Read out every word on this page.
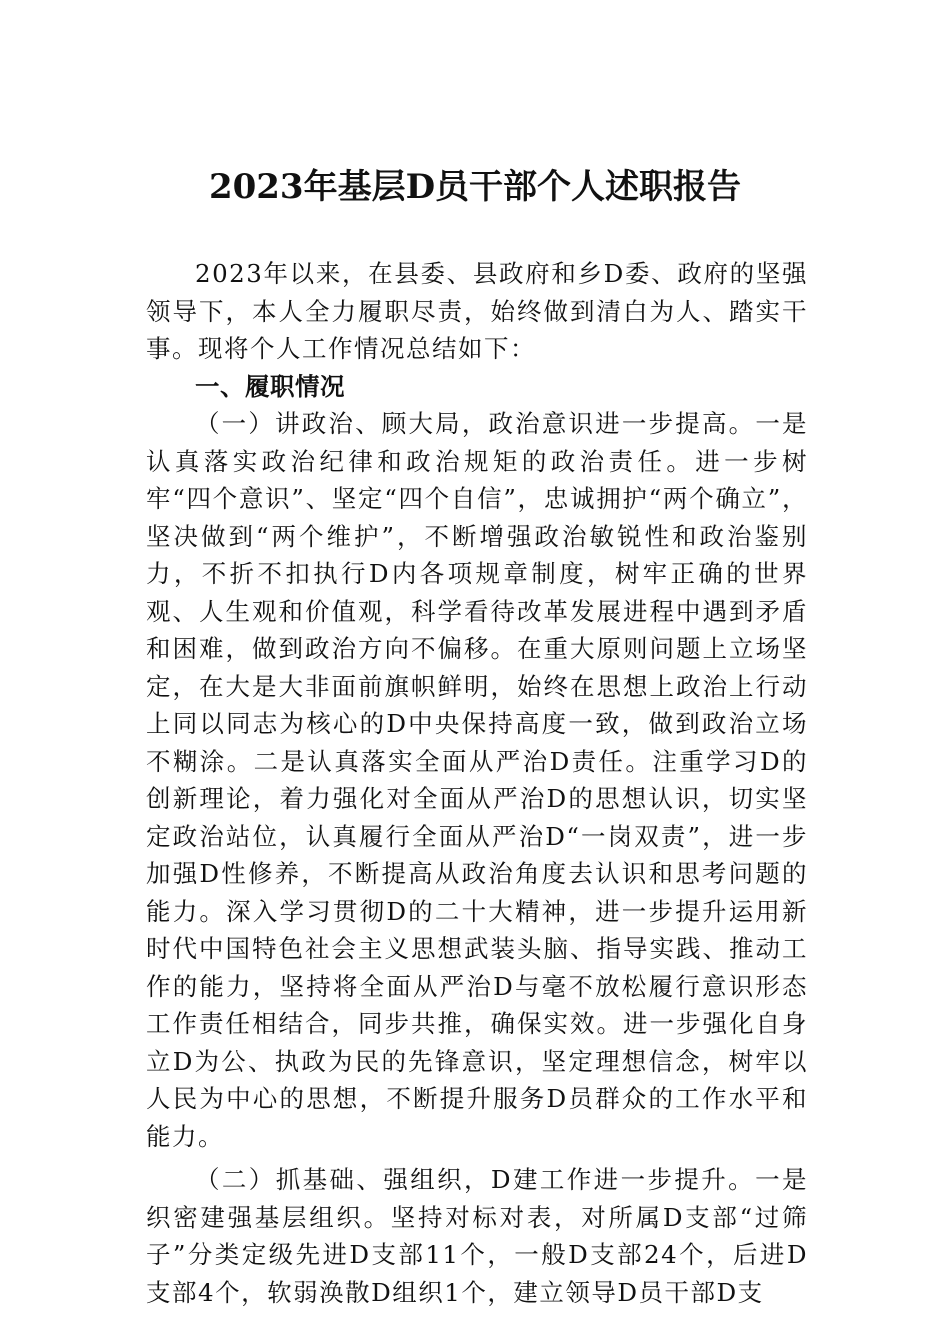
2023年基层D员干部个人述职报告

2023年以来，在县委、县政府和乡D委、政府的坚强领导下，本人全力履职尽责，始终做到清白为人、踏实干事。现将个人工作情况总结如下：

一、履职情况

（一）讲政治、顾大局，政治意识进一步提高。一是认真落实政治纪律和政治规矩的政治责任。进一步树牢“四个意识”、坚定“四个自信”，忠诚拥护“两个确立”，坚决做到“两个维护”，不断增强政治敏锐性和政治鉴别力，不折不扣执行D内各项规章制度，树牢正确的世界观、人生观和价值观，科学看待改革发展进程中遇到矛盾和困难，做到政治方向不偏移。在重大原则问题上立场坚定，在大是大非面前旗帜鲜明，始终在思想上政治上行动上同以同志为核心的D中央保持高度一致，做到政治立场不糊涂。二是认真落实全面从严治D责任。注重学习D的创新理论，着力强化对全面从严治D的思想认识，切实坚定政治站位，认真履行全面从严治D“一岗双责”，进一步加强D性修养，不断提高从政治角度去认识和思考问题的能力。深入学习贯彻D的二十大精神，进一步提升运用新时代中国特色社会主义思想武装头脑、指导实践、推动工作的能力，坚持将全面从严治D与毫不放松履行意识形态工作责任相结合，同步共推，确保实效。进一步强化自身立D为公、执政为民的先锋意识，坚定理想信念，树牢以人民为中心的思想，不断提升服务D员群众的工作水平和能力。

（二）抓基础、强组织，D建工作进一步提升。一是织密建强基层组织。坚持对标对表，对所属D支部“过筛子”分类定级先进D支部11个，一般D支部24个，后进D支部4个，软弱涣散D组织1个，建立领导D员干部D支
